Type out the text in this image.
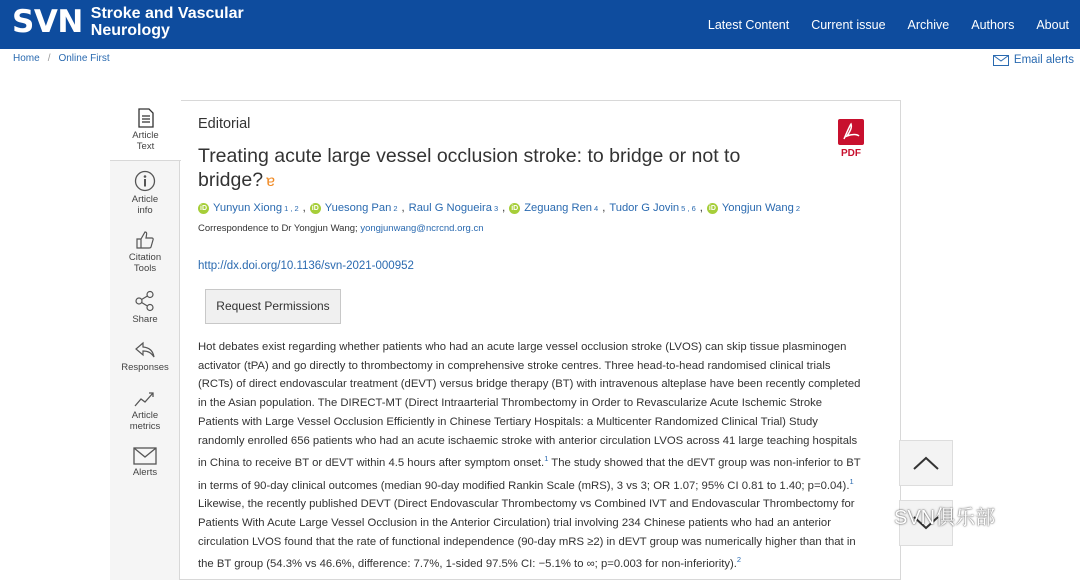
SVN Stroke and Vascular
Neurology	Latest Content Current issue Archive Authors About
Home / Online First	Email alerts
Article
Text
Article
info
Citation
Tools
Share
Responses
Article
metrics
Alerts
Editorial
Treating acute large vessel occlusion stroke: to bridge or not to bridge? ɐ
PDF
iD Yunyun Xiong 1 , 2 , iD Yuesong Pan 2 , Raul G Nogueira 3 , iD Zeguang Ren 4 , Tudor G Jovin 5 , 6 , iD Yongjun Wang 2
Correspondence to Dr Yongjun Wang; yongjunwang@ncrcnd.org.cn
http://dx.doi.org/10.1136/svn-2021-000952
Request Permissions
Hot debates exist regarding whether patients who had an acute large vessel occlusion stroke (LVOS) can skip tissue plasminogen activator (tPA) and go directly to thrombectomy in comprehensive stroke centres. Three head-to-head randomised clinical trials (RCTs) of direct endovascular treatment (dEVT) versus bridge therapy (BT) with intravenous alteplase have been recently completed in the Asian population. The DIRECT-MT (Direct Intraarterial Thrombectomy in Order to Revascularize Acute Ischemic Stroke Patients with Large Vessel Occlusion Efficiently in Chinese Tertiary Hospitals: a Multicenter Randomized Clinical Trial) Study randomly enrolled 656 patients who had an acute ischaemic stroke with anterior circulation LVOS across 41 large teaching hospitals in China to receive BT or dEVT within 4.5 hours after symptom onset.$^1$ The study showed that the dEVT group was non-inferior to BT in terms of 90-day clinical outcomes (median 90-day modified Rankin Scale (mRS), 3 vs 3; OR 1.07; 95% CI 0.81 to 1.40; p=0.04).$^1$ Likewise, the recently published DEVT (Direct Endovascular Thrombectomy vs Combined IVT and Endovascular Thrombectomy for Patients With Acute Large Vessel Occlusion in the Anterior Circulation) trial involving 234 Chinese patients who had an anterior circulation LVOS found that the rate of functional independence (90-day mRS ≥2) in dEVT group was numerically higher than that in the BT group (54.3% vs 46.6%, difference: 7.7%, 1-sided 97.5% CI: −5.1% to ∞; p=0.003 for non-inferiority).$^2$
SVN俱乐部
